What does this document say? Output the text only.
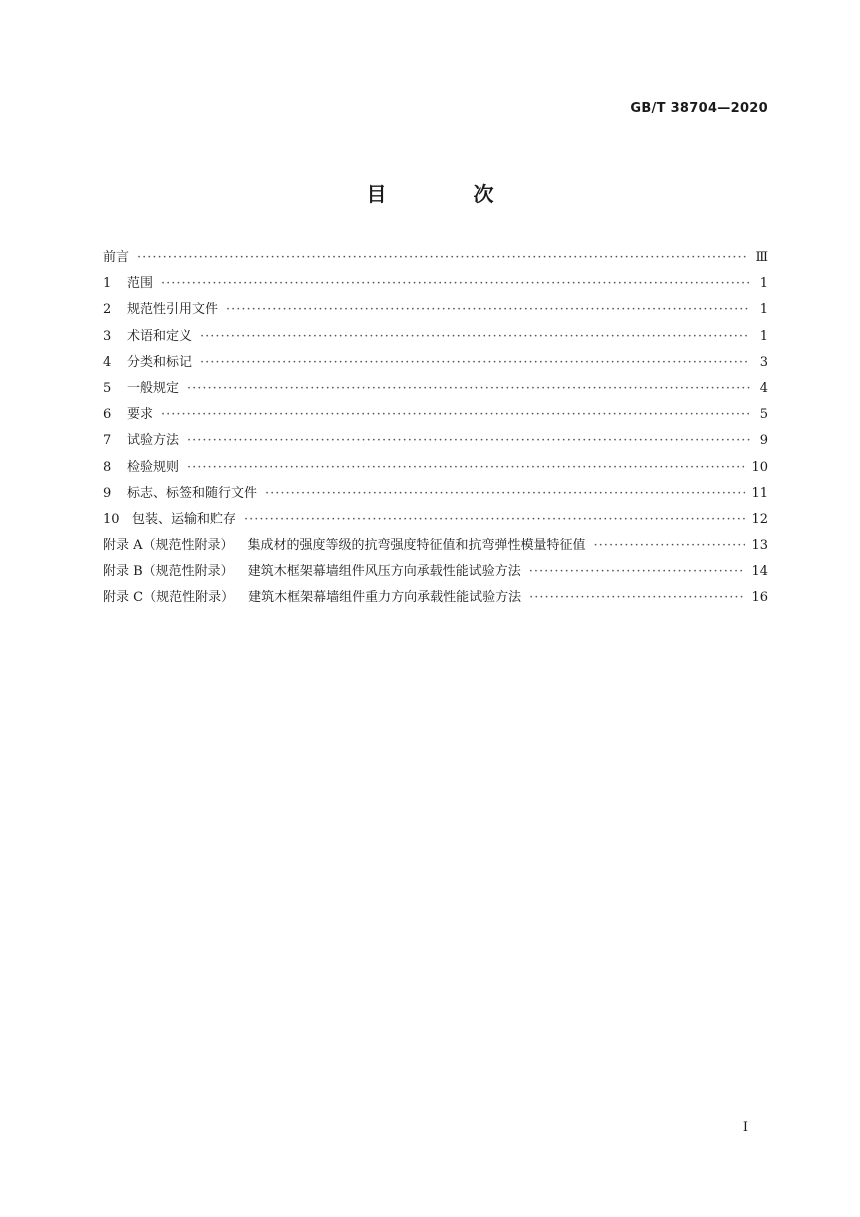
GB/T 38704—2020
目 次
前言 ·····	Ⅲ
1	范围 ·····	1
2	规范性引用文件 ·····	1
3	术语和定义 ·····	1
4	分类和标记 ·····	3
5	一般规定 ·····	4
6	要求 ·····	5
7	试验方法 ·····	9
8	检验规则 ·····	10
9	标志、标签和随行文件 ·····	11
10 包装、运输和贮存 ·····	12
附录 A（规范性附录） 集成材的强度等级的抗弯强度特征值和抗弯弹性模量特征值 ·····	13
附录 B（规范性附录） 建筑木框架幕墙组件风压方向承载性能试验方法 ·····	14
附录 C（规范性附录） 建筑木框架幕墙组件重力方向承载性能试验方法 ·····	16
Ⅰ
